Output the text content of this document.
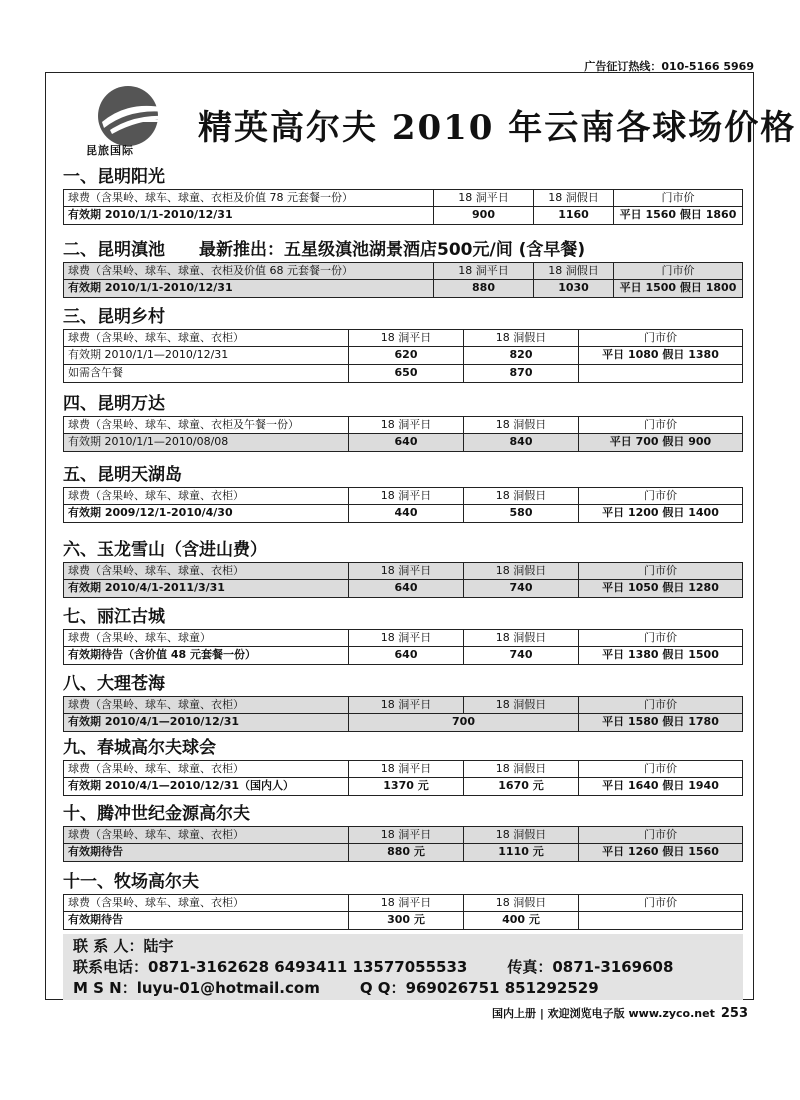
广告征订热线：010-5166 5969
昆旅国际
精英高尔夫 2010 年云南各球场价格
一、昆明阳光
球费（含果岭、球车、球童、衣柜及价值 78 元套餐一份）	18 洞平日	18 洞假日	门市价
有效期 2010/1/1-2010/12/31	900	1160	平日 1560 假日 1860
二、昆明滇池 最新推出：五星级滇池湖景酒店500元/间 (含早餐)
球费（含果岭、球车、球童、衣柜及价值 68 元套餐一份）	18 洞平日	18 洞假日	门市价
有效期 2010/1/1-2010/12/31	880	1030	平日 1500 假日 1800
三、昆明乡村
球费（含果岭、球车、球童、衣柜）	18 洞平日	18 洞假日	门市价
有效期 2010/1/1—2010/12/31	620	820	平日 1080 假日 1380
如需含午餐	650	870
四、昆明万达
球费（含果岭、球车、球童、衣柜及午餐一份）	18 洞平日	18 洞假日	门市价
有效期 2010/1/1—2010/08/08	640	840	平日 700 假日 900
五、昆明天湖岛
球费（含果岭、球车、球童、衣柜）	18 洞平日	18 洞假日	门市价
有效期 2009/12/1-2010/4/30	440	580	平日 1200 假日 1400
六、玉龙雪山（含进山费）
球费（含果岭、球车、球童、衣柜）	18 洞平日	18 洞假日	门市价
有效期 2010/4/1-2011/3/31	640	740	平日 1050 假日 1280
七、丽江古城
球费（含果岭、球车、球童）	18 洞平日	18 洞假日	门市价
有效期待告（含价值 48 元套餐一份）	640	740	平日 1380 假日 1500
八、大理苍海
球费（含果岭、球车、球童、衣柜）	18 洞平日	18 洞假日	门市价
有效期 2010/4/1—2010/12/31	700	平日 1580 假日 1780
九、春城高尔夫球会
球费（含果岭、球车、球童、衣柜）	18 洞平日	18 洞假日	门市价
有效期 2010/4/1—2010/12/31（国内人）	1370 元	1670 元	平日 1640 假日 1940
十、腾冲世纪金源高尔夫
球费（含果岭、球车、球童、衣柜）	18 洞平日	18 洞假日	门市价
有效期待告	880 元	1110 元	平日 1260 假日 1560
十一、牧场高尔夫
球费（含果岭、球车、球童、衣柜）	18 洞平日	18 洞假日	门市价
有效期待告	300 元	400 元
联 系 人：陆宇
联系电话：0871-3162628 6493411 13577055533	传真：0871-3169608
M S N：luyu-01@hotmail.com	Q Q：969026751 851292529
国内上册 | 欢迎浏览电子版 www.zyco.net 253
